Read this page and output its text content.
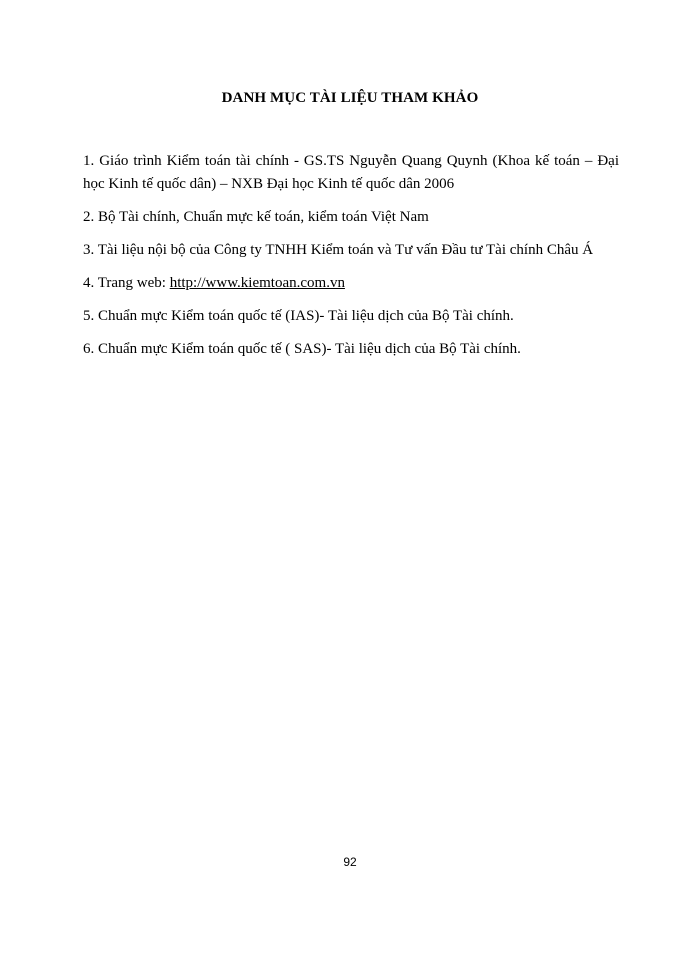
DANH MỤC TÀI LIỆU THAM KHẢO
1. Giáo trình Kiểm toán tài chính - GS.TS Nguyễn Quang Quynh (Khoa kế toán – Đại học Kinh tế quốc dân) – NXB Đại học Kinh tế quốc dân 2006
2. Bộ Tài chính, Chuẩn mực kế toán, kiểm toán Việt Nam
3. Tài liệu nội bộ của Công ty TNHH Kiểm toán và Tư vấn Đầu tư Tài chính Châu Á
4. Trang web: http://www.kiemtoan.com.vn
5. Chuẩn mực Kiểm toán quốc tế (IAS)- Tài liệu dịch của Bộ Tài chính.
6. Chuẩn mực Kiểm toán quốc tế ( SAS)- Tài liệu dịch của Bộ Tài chính.
92
